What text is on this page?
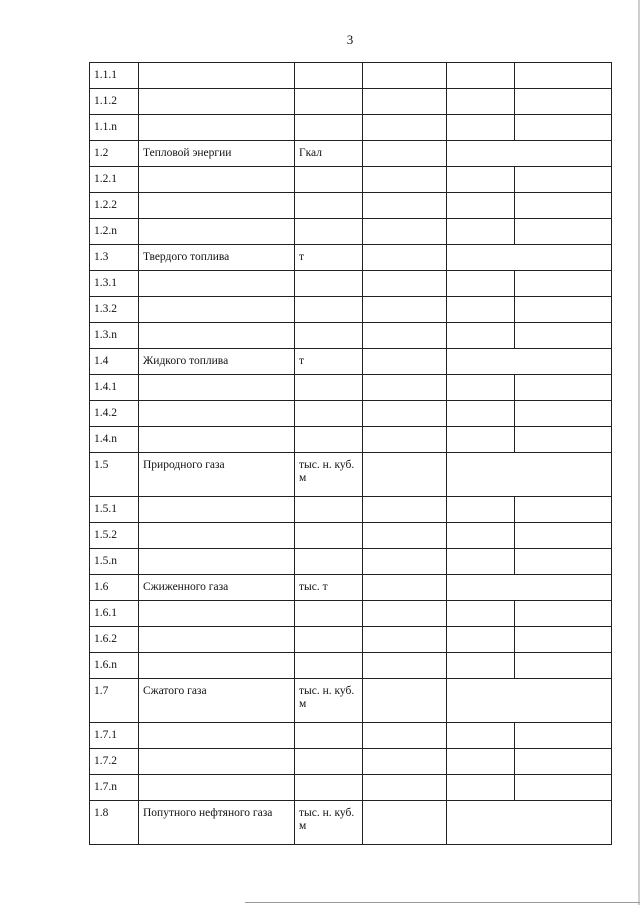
3
1.1.1					
1.1.2					
1.1.n					
1.2	Тепловой энергии	Гкал			
1.2.1					
1.2.2					
1.2.n					
1.3	Твердого топлива	т			
1.3.1					
1.3.2					
1.3.n					
1.4	Жидкого топлива	т			
1.4.1					
1.4.2					
1.4.n					
1.5	Природного газа	тыс. н. куб. м			
1.5.1					
1.5.2					
1.5.n					
1.6	Сжиженного газа	тыс. т			
1.6.1					
1.6.2					
1.6.n					
1.7	Сжатого газа	тыс. н. куб. м			
1.7.1					
1.7.2					
1.7.n					
1.8	Попутного нефтяного газа	тыс. н. куб. м			
